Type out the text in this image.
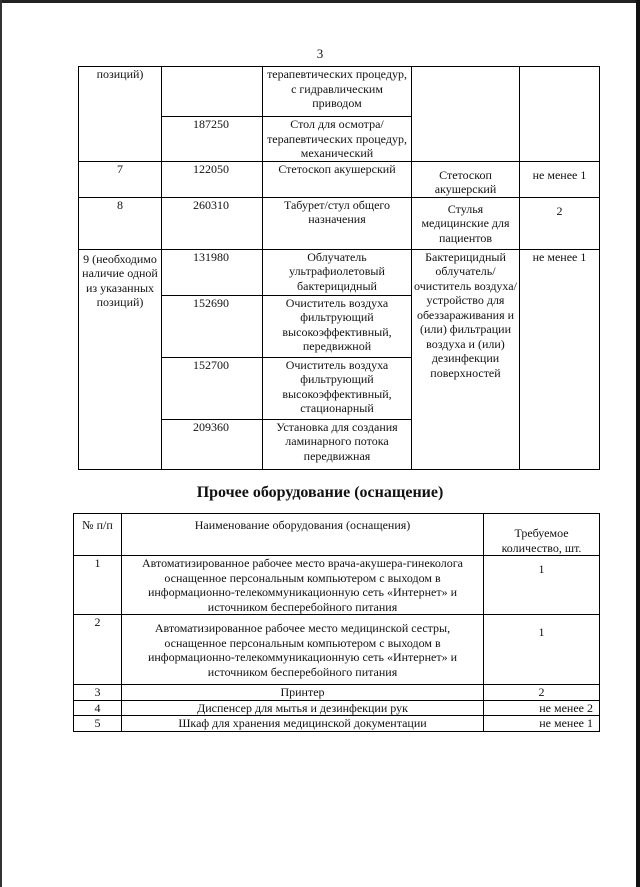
3
позиций)		терапевтических процедур, с гидравлическим приводом		
	187250	Стол для осмотра/ терапевтических процедур, механический		
7	122050	Стетоскоп акушерский	Стетоскоп акушерский	не менее 1
8	260310	Табурет/стул общего назначения	Стулья медицинские для пациентов	2
9 (необходимо наличие одной из указанных позиций)	131980	Облучатель ультрафиолетовый бактерицидный	Бактерицидный облучатель/ очиститель воздуха/ устройство для обеззараживания и (или) фильтрации воздуха и (или) дезинфекции поверхностей	не менее 1
	152690	Очиститель воздуха фильтрующий высокоэффективный, передвижной		
	152700	Очиститель воздуха фильтрующий высокоэффективный, стационарный		
	209360	Установка для создания ламинарного потока передвижная		
Прочее оборудование (оснащение)
№ п/п	Наименование оборудования (оснащения)	Требуемое количество, шт.
1	Автоматизированное рабочее место врача-акушера-гинеколога оснащенное персональным компьютером с выходом в информационно-телекоммуникационную сеть «Интернет» и источником бесперебойного питания	1
2	Автоматизированное рабочее место медицинской сестры, оснащенное персональным компьютером с выходом в информационно-телекоммуникационную сеть «Интернет» и источником бесперебойного питания	1
3	Принтер	2
4	Диспенсер для мытья и дезинфекции рук	не менее 2
5	Шкаф для хранения медицинской документации	не менее 1
